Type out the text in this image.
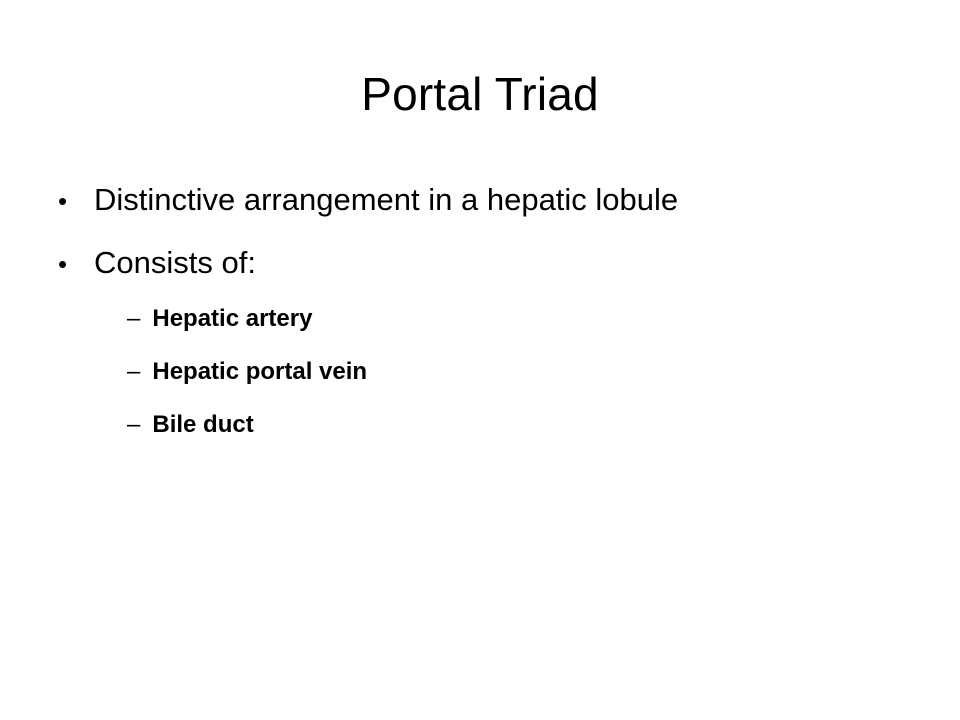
Portal Triad
• Distinctive arrangement in a hepatic lobule
• Consists of:
– Hepatic artery
– Hepatic portal vein
– Bile duct
